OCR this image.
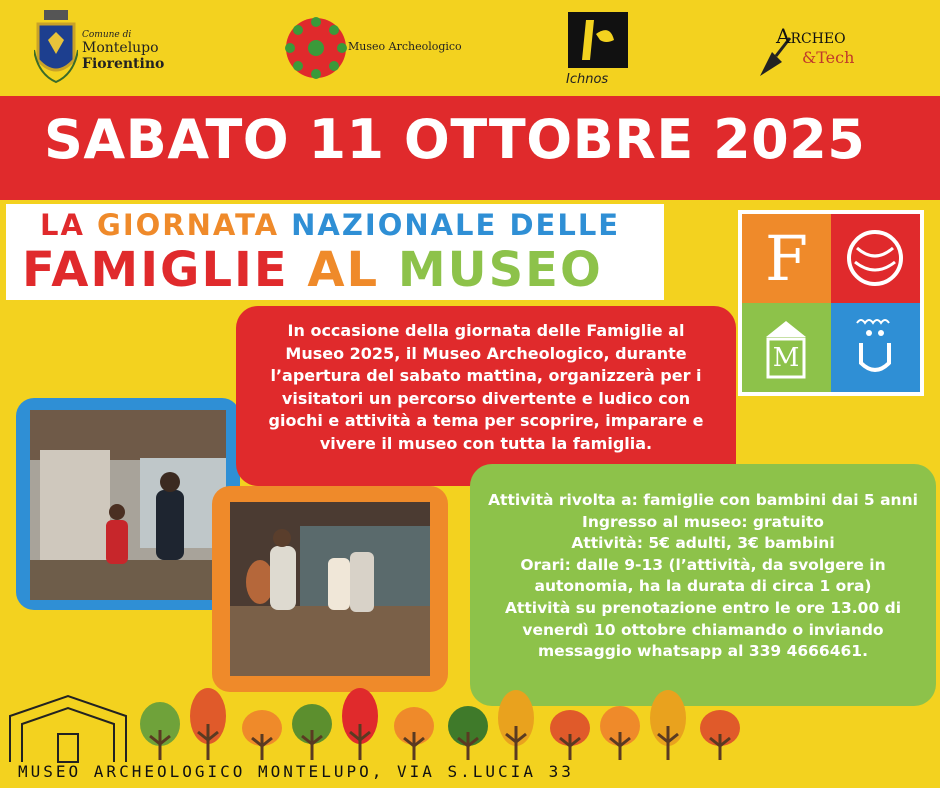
Comune di
Montelupo
Fiorentino
Museo Archeologico
Ichnos
Archeo
&Tech
SABATO 11 OTTOBRE 2025
LA GIORNATA NAZIONALE DELLE
FAMIGLIE AL MUSEO	F
M
In occasione della giornata delle Famiglie al Museo 2025, il Museo Archeologico, durante l’apertura del sabato mattina, organizzerà per i visitatori un percorso divertente e ludico con giochi e attività a tema per scoprire, imparare e vivere il museo con tutta la famiglia.
Attività rivolta a: famiglie con bambini dai 5 anni
Ingresso al museo: gratuito
Attività: 5€ adulti, 3€ bambini
Orari: dalle 9-13 (l’attività, da svolgere in autonomia, ha la durata di circa 1 ora)
Attività su prenotazione entro le ore 13.00 di venerdì 10 ottobre chiamando o inviando messaggio whatsapp al 339 4666461.
MUSEO ARCHEOLOGICO MONTELUPO, VIA S.LUCIA 33
